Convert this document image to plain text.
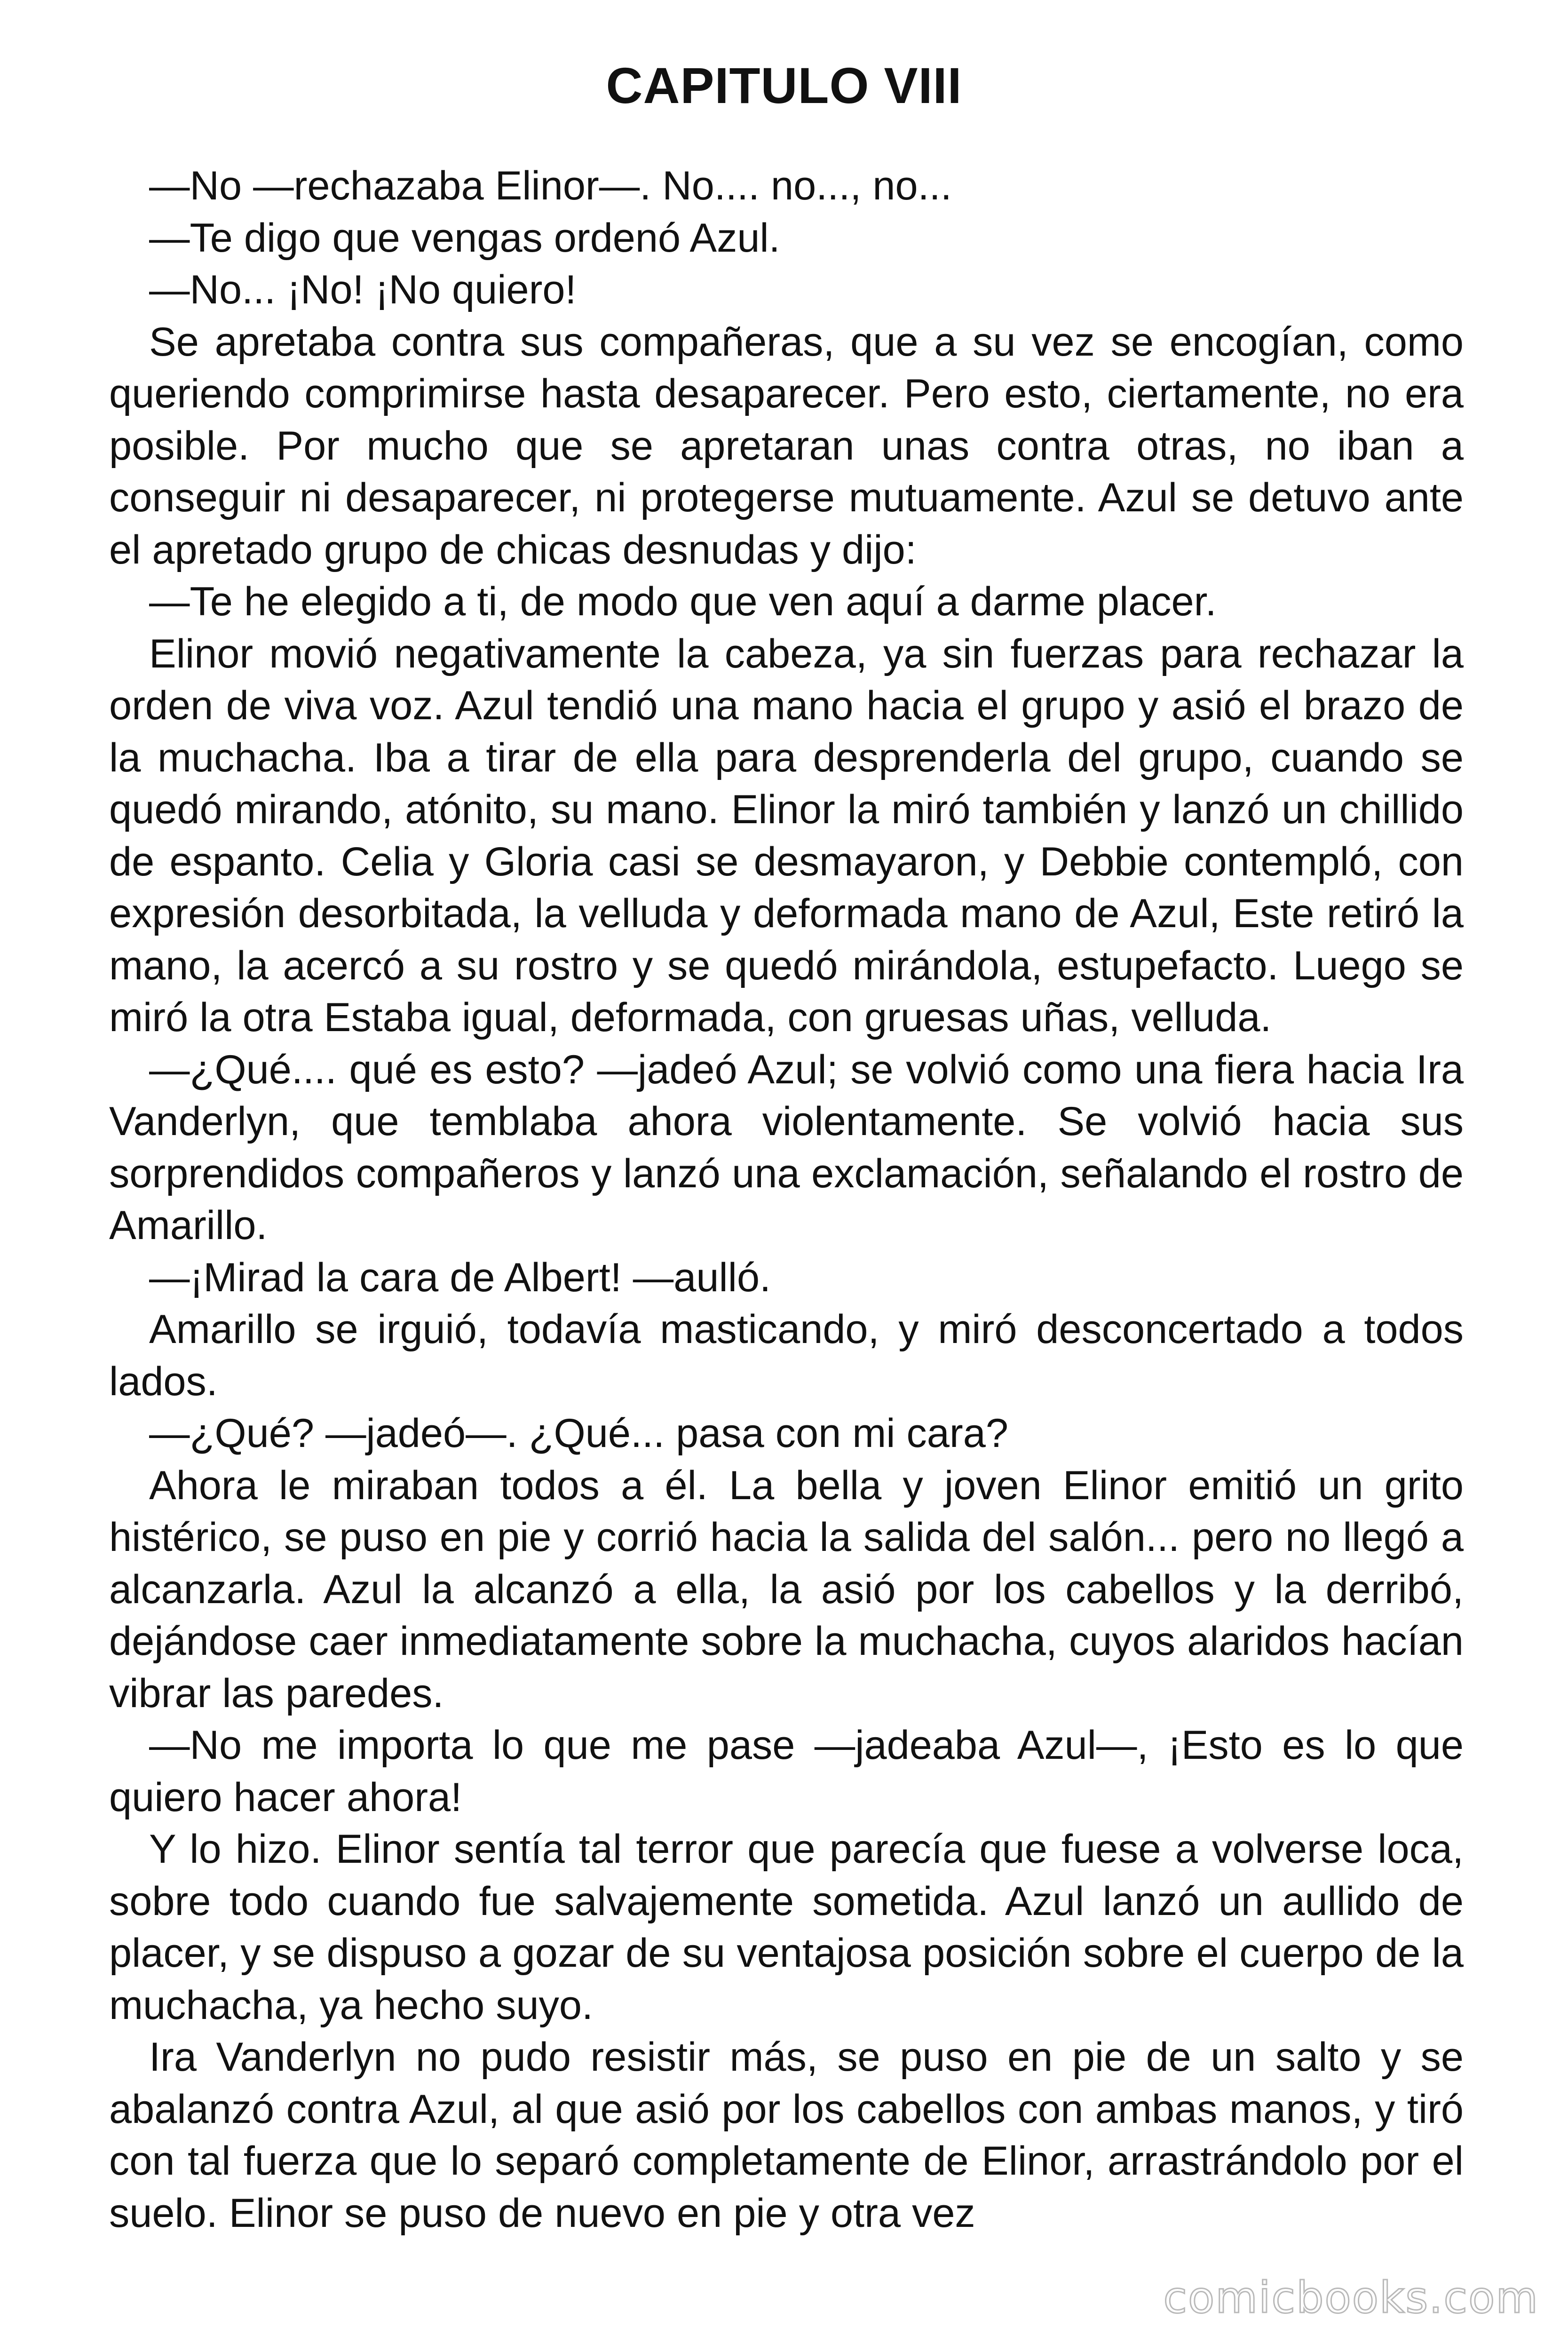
CAPITULO VIII

—No —rechazaba Elinor—. No.... no..., no...

—Te digo que vengas ordenó Azul.

—No... ¡No! ¡No quiero!

Se apretaba contra sus compañeras, que a su vez se encogían, como queriendo comprimirse hasta desaparecer. Pero esto, ciertamente, no era posible. Por mucho que se apretaran unas contra otras, no iban a conseguir ni desaparecer, ni protegerse mutuamente. Azul se detuvo ante el apretado grupo de chicas desnudas y dijo:

—Te he elegido a ti, de modo que ven aquí a darme placer.

Elinor movió negativamente la cabeza, ya sin fuerzas para rechazar la orden de viva voz. Azul tendió una mano hacia el grupo y asió el brazo de la muchacha. Iba a tirar de ella para desprenderla del grupo, cuando se quedó mirando, atónito, su mano. Elinor la miró también y lanzó un chillido de espanto. Celia y Gloria casi se desmayaron, y Debbie contempló, con expresión desorbitada, la velluda y deformada mano de Azul, Este retiró la mano, la acercó a su rostro y se quedó mirándola, estupefacto. Luego se miró la otra Estaba igual, deformada, con gruesas uñas, velluda.

—¿Qué.... qué es esto? —jadeó Azul; se volvió como una fiera hacia Ira Vanderlyn, que temblaba ahora violentamente. Se volvió hacia sus sorprendidos compañeros y lanzó una exclamación, señalando el rostro de Amarillo.

—¡Mirad la cara de Albert! —aulló.

Amarillo se irguió, todavía masticando, y miró desconcertado a todos lados.

—¿Qué? —jadeó—. ¿Qué... pasa con mi cara?

Ahora le miraban todos a él. La bella y joven Elinor emitió un grito histérico, se puso en pie y corrió hacia la salida del salón... pero no llegó a alcanzarla. Azul la alcanzó a ella, la asió por los cabellos y la derribó, dejándose caer inmediatamente sobre la muchacha, cuyos alaridos hacían vibrar las paredes.

—No me importa lo que me pase —jadeaba Azul—, ¡Esto es lo que quiero hacer ahora!

Y lo hizo. Elinor sentía tal terror que parecía que fuese a volverse loca, sobre todo cuando fue salvajemente sometida. Azul lanzó un aullido de placer, y se dispuso a gozar de su ventajosa posición sobre el cuerpo de la muchacha, ya hecho suyo.

Ira Vanderlyn no pudo resistir más, se puso en pie de un salto y se abalanzó contra Azul, al que asió por los cabellos con ambas manos, y tiró con tal fuerza que lo separó completamente de Elinor, arrastrándolo por el suelo. Elinor se puso de nuevo en pie y otra vez

comicbooks.com
